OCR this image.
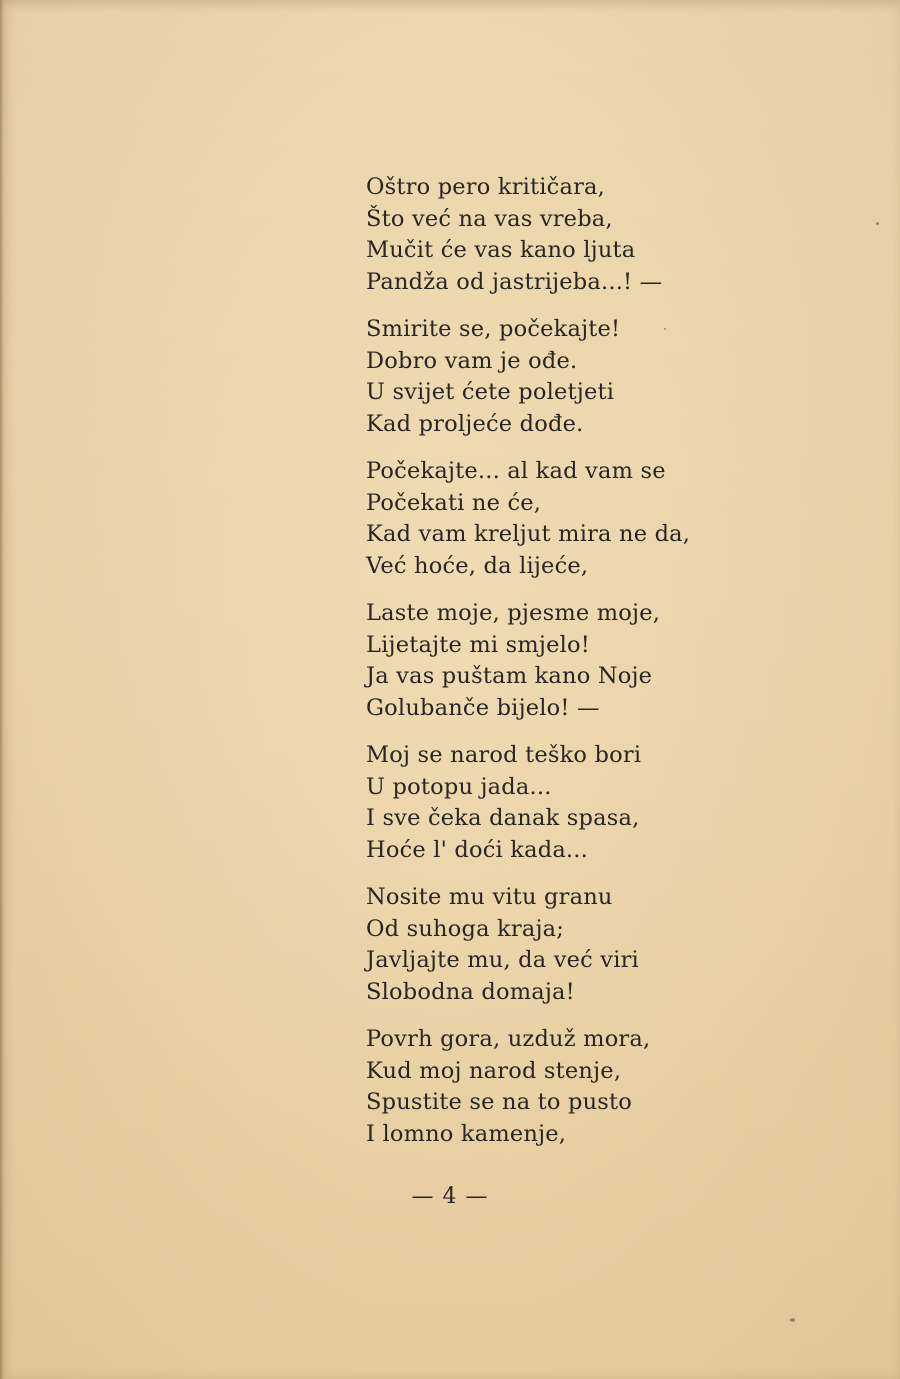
Oštro pero kritičara,
Što već na vas vreba,
Mučit će vas kano ljuta
Pandža od jastrijeba...! —
Smirite se, počekajte!
Dobro vam je ođe.
U svijet ćete poletjeti
Kad proljeće dođe.
Počekajte... al kad vam se
Počekati ne će,
Kad vam kreljut mira ne da,
Već hoće, da lijeće,
Laste moje, pjesme moje,
Lijetajte mi smjelo!
Ja vas puštam kano Noje
Golubanče bijelo! —
Moj se narod teško bori
U potopu jada...
I sve čeka danak spasa,
Hoće l' doći kada...
Nosite mu vitu granu
Od suhoga kraja;
Javljajte mu, da već viri
Slobodna domaja!
Povrh gora, uzduž mora,
Kud moj narod stenje,
Spustite se na to pusto
I lomno kamenje,
— 4 —
